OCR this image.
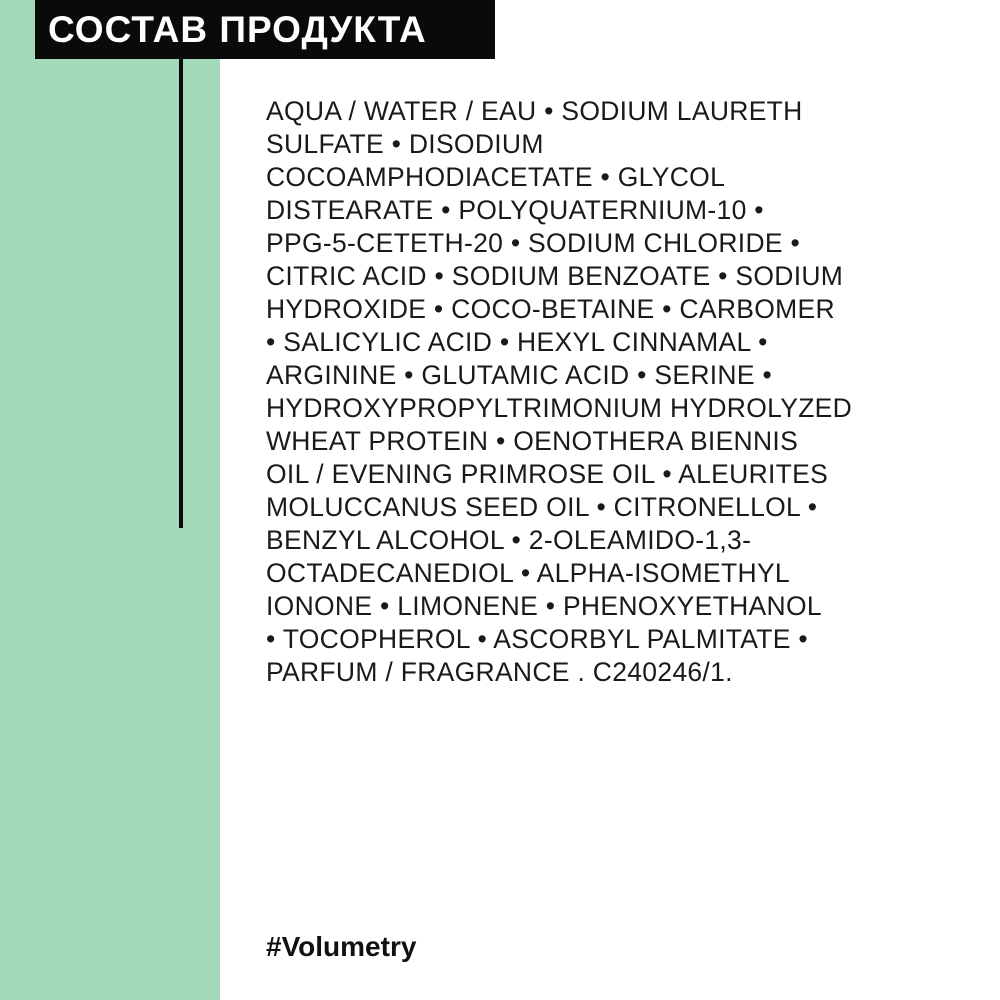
СОСТАВ ПРОДУКТА
AQUA / WATER / EAU • SODIUM LAURETH
SULFATE • DISODIUM
COCOAMPHODIACETATE • GLYCOL
DISTEARATE • POLYQUATERNIUM-10 •
PPG-5-CETETH-20 • SODIUM CHLORIDE •
CITRIC ACID • SODIUM BENZOATE • SODIUM
HYDROXIDE • COCO-BETAINE • CARBOMER
• SALICYLIC ACID • HEXYL CINNAMAL •
ARGININE • GLUTAMIC ACID • SERINE •
HYDROXYPROPYLTRIMONIUM HYDROLYZED
WHEAT PROTEIN • OENOTHERA BIENNIS
OIL / EVENING PRIMROSE OIL • ALEURITES
MOLUCCANUS SEED OIL • CITRONELLOL •
BENZYL ALCOHOL • 2-OLEAMIDO-1,3-
OCTADECANEDIOL • ALPHA-ISOMETHYL
IONONE • LIMONENE • PHENOXYETHANOL
• TOCOPHEROL • ASCORBYL PALMITATE •
PARFUM / FRAGRANCE . C240246/1.
#Volumetry
